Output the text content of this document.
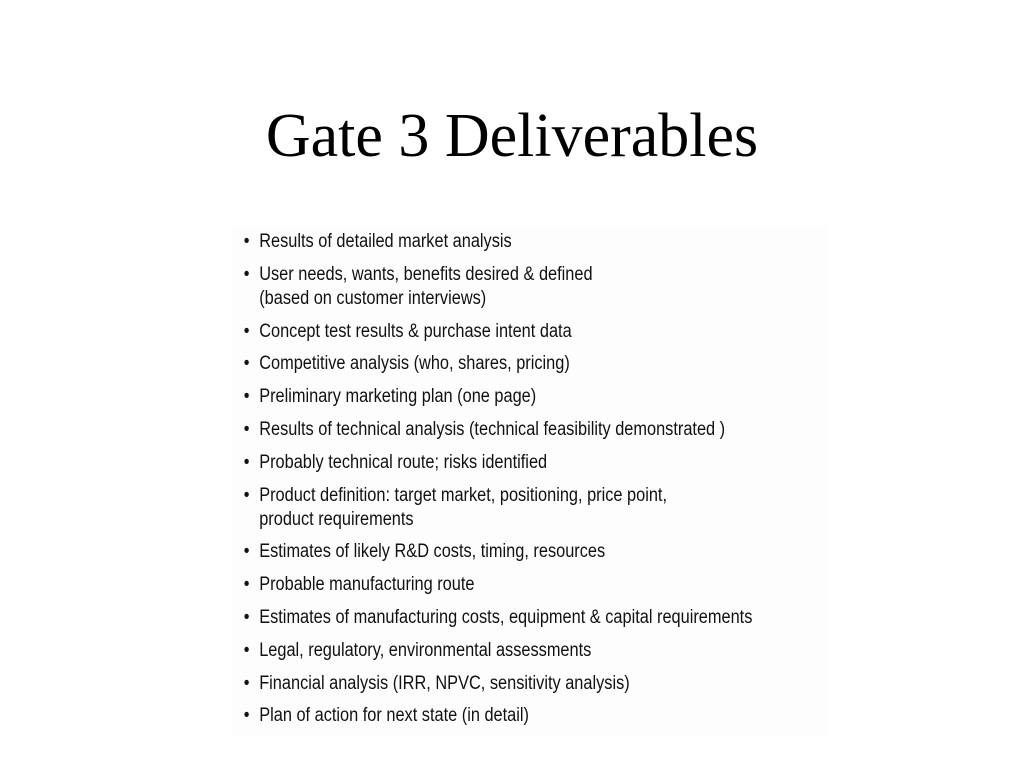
Gate 3 Deliverables
• Results of detailed market analysis
• User needs, wants, benefits desired & defined
(based on customer interviews)
• Concept test results & purchase intent data
• Competitive analysis (who, shares, pricing)
• Preliminary marketing plan (one page)
• Results of technical analysis (technical feasibility demonstrated )
• Probably technical route; risks identified
• Product definition: target market, positioning, price point,
product requirements
• Estimates of likely R&D costs, timing, resources
• Probable manufacturing route
• Estimates of manufacturing costs, equipment & capital requirements
• Legal, regulatory, environmental assessments
• Financial analysis (IRR, NPVC, sensitivity analysis)
• Plan of action for next state (in detail)
